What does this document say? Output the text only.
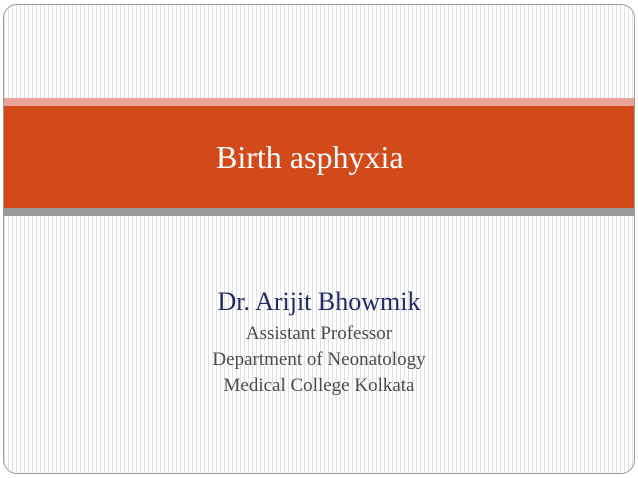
Birth asphyxia
Dr. Arijit Bhowmik
Assistant Professor
Department of Neonatology
Medical College Kolkata
